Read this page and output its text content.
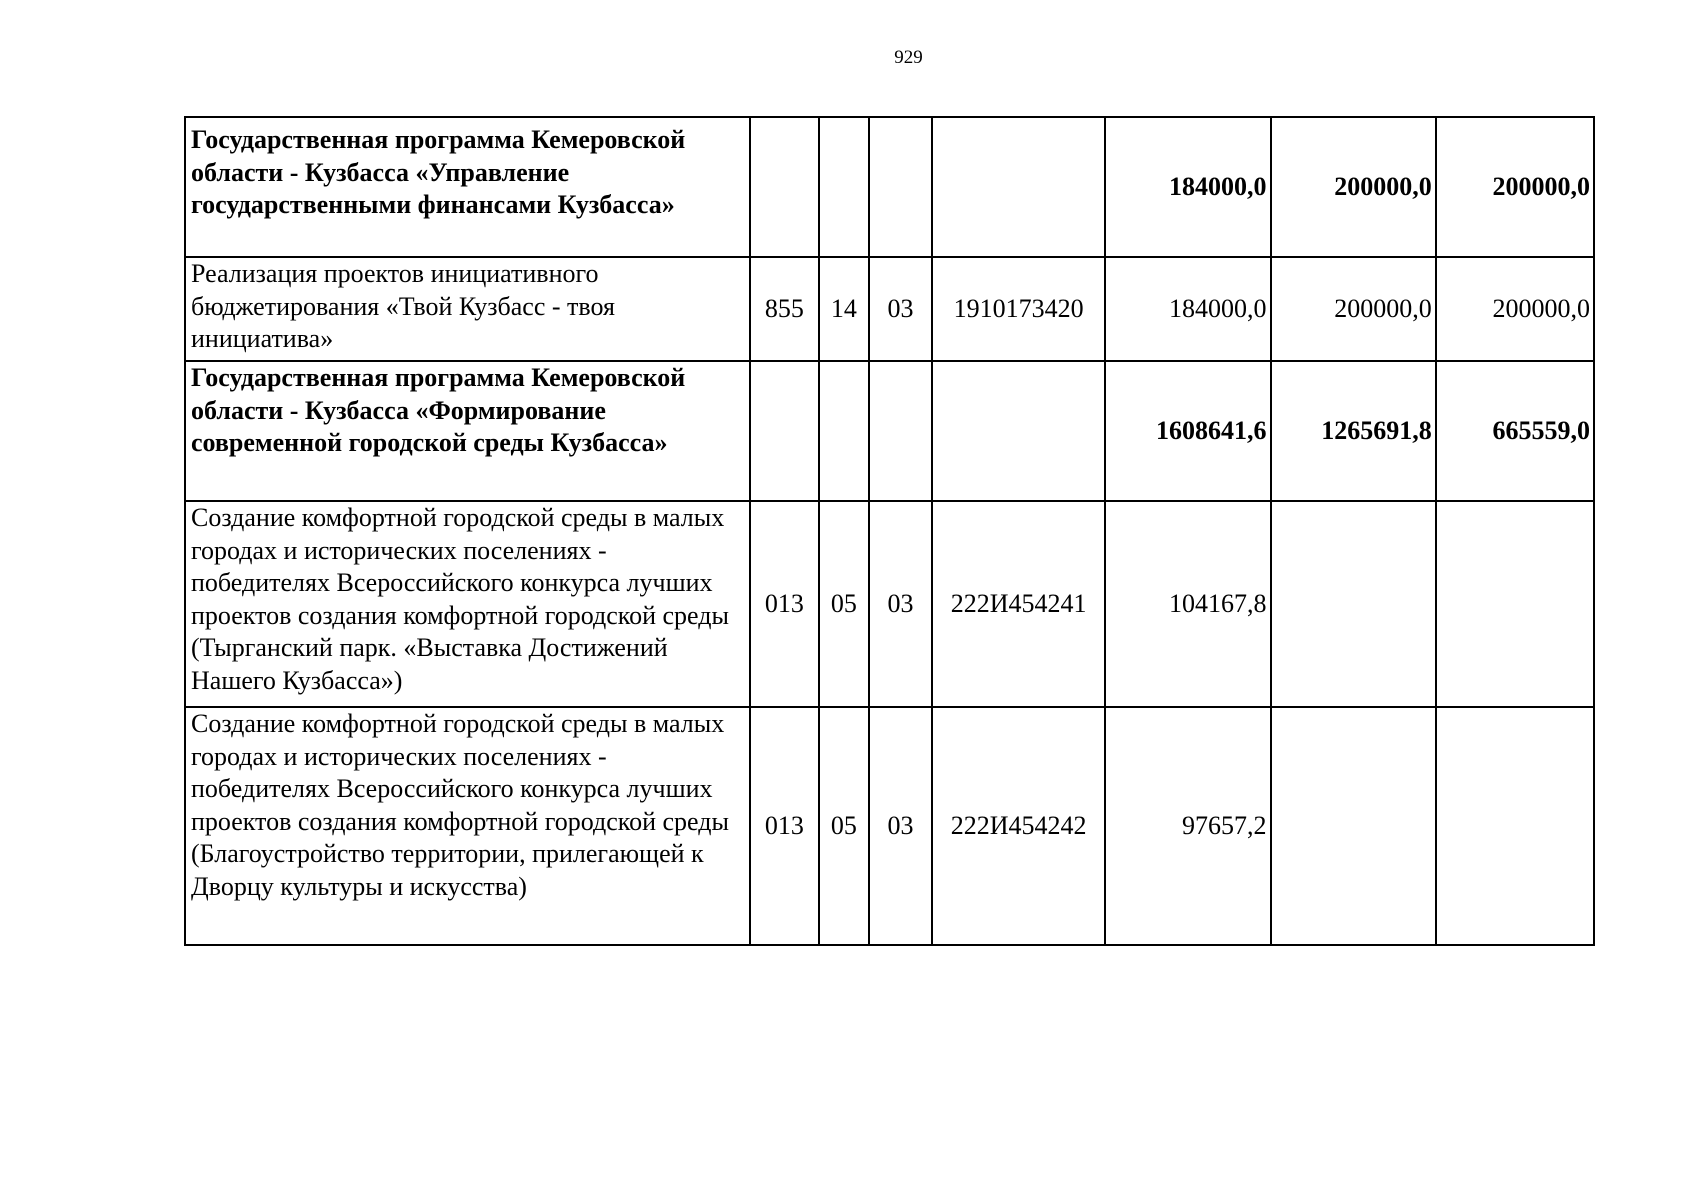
929
Государственная программа Кемеровской области - Кузбасса «Управление государственными финансами Кузбасса»					184000,0	200000,0	200000,0
Реализация проектов инициативного бюджетирования «Твой Кузбасс - твоя инициатива»	855	14	03	1910173420	184000,0	200000,0	200000,0
Государственная программа Кемеровской области - Кузбасса «Формирование современной городской среды Кузбасса»					1608641,6	1265691,8	665559,0
Создание комфортной городской среды в малых городах и исторических поселениях - победителях Всероссийского конкурса лучших проектов создания комфортной городской среды (Тырганский парк. «Выставка Достижений Нашего Кузбасса»)	013	05	03	222И454241	104167,8		
Создание комфортной городской среды в малых городах и исторических поселениях - победителях Всероссийского конкурса лучших проектов создания комфортной городской среды (Благоустройство территории, прилегающей к Дворцу культуры и искусства)	013	05	03	222И454242	97657,2		
